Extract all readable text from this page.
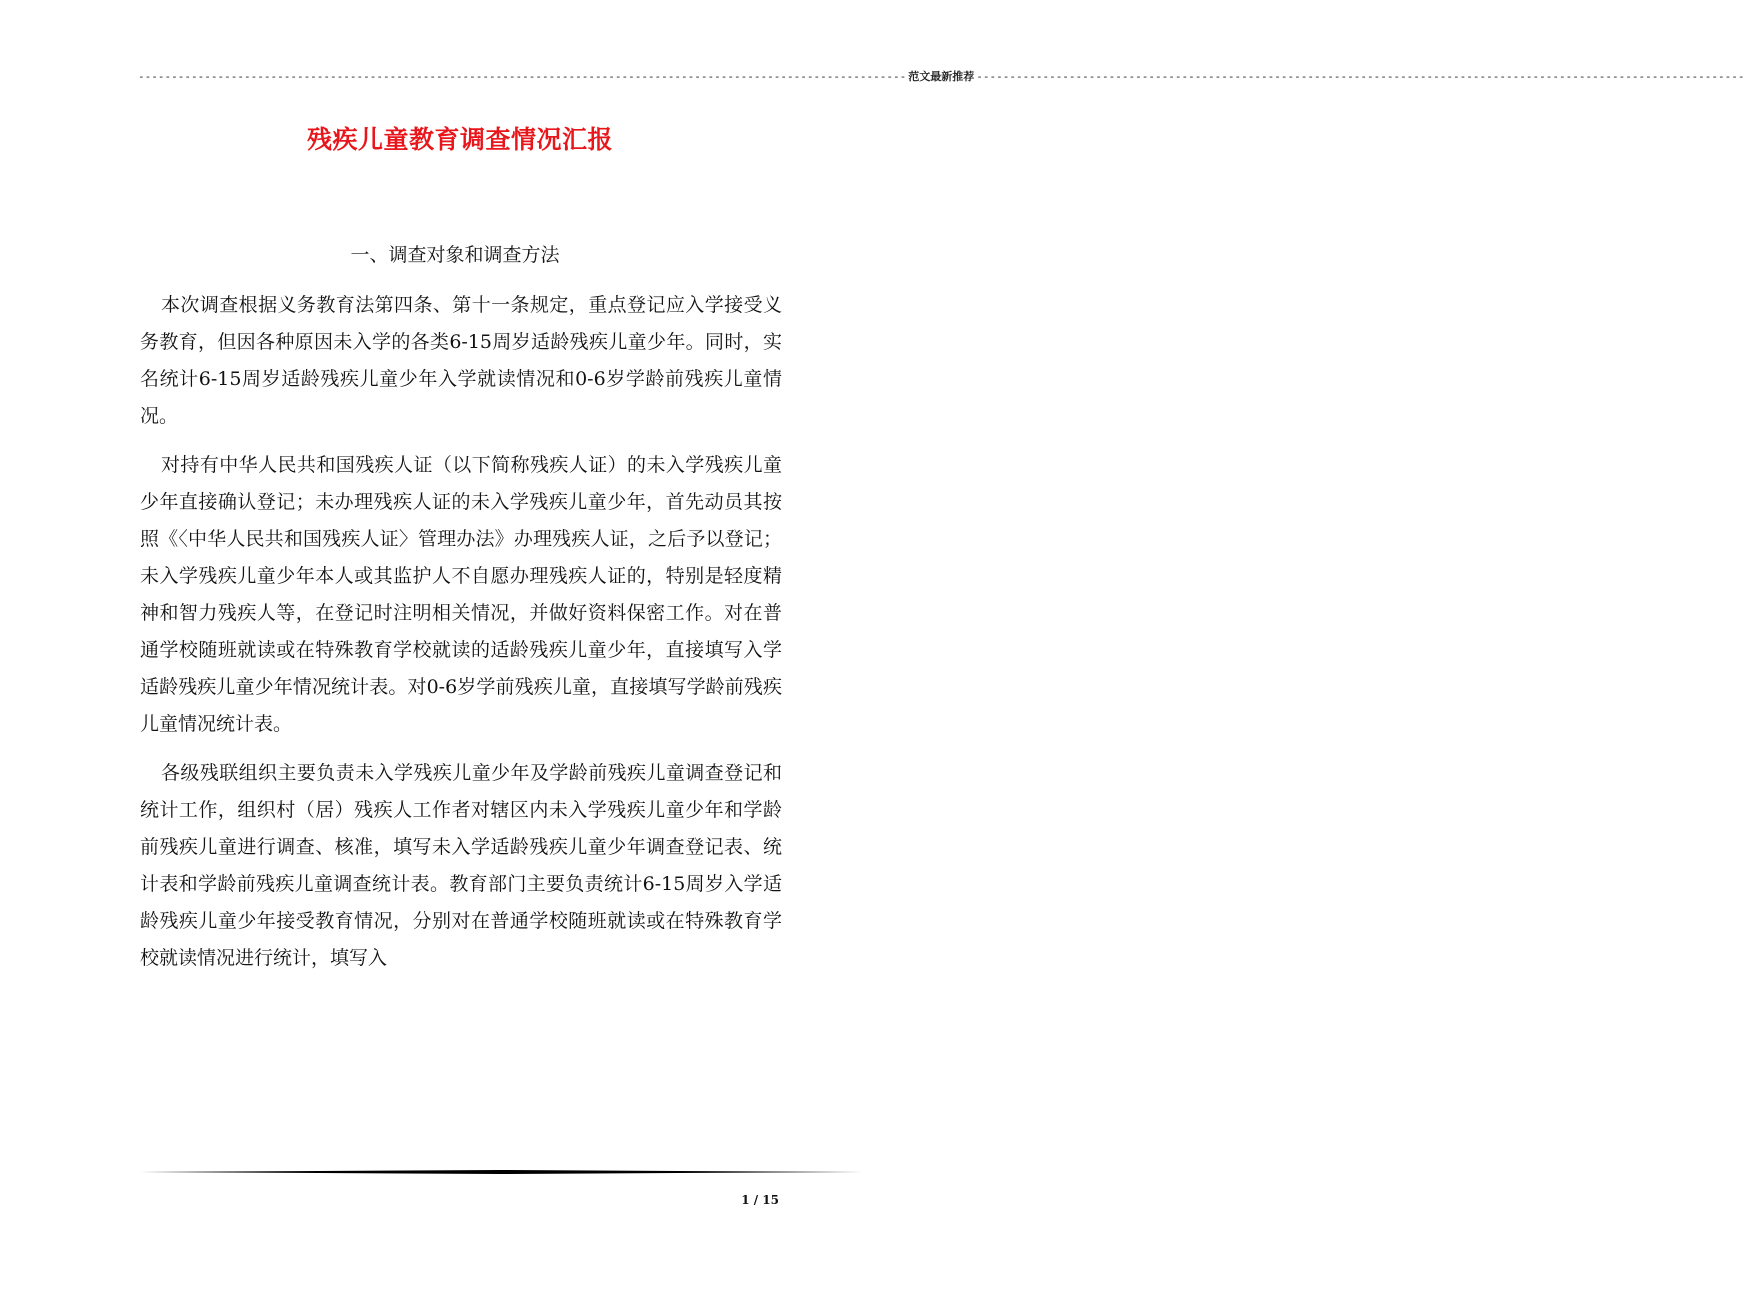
-------------------------------------------------------------------------------------------------------------------- 范文最新推荐 --------------------------------------------------------------------------------------------------------------------
残疾儿童教育调查情况汇报
一、调查对象和调查方法

本次调查根据义务教育法第四条、第十一条规定，重点登记应入学接受义务教育，但因各种原因未入学的各类6-15周岁适龄残疾儿童少年。同时，实名统计6-15周岁适龄残疾儿童少年入学就读情况和0-6岁学龄前残疾儿童情况。

对持有中华人民共和国残疾人证（以下简称残疾人证）的未入学残疾儿童少年直接确认登记；未办理残疾人证的未入学残疾儿童少年，首先动员其按照《〈中华人民共和国残疾人证〉管理办法》办理残疾人证，之后予以登记；未入学残疾儿童少年本人或其监护人不自愿办理残疾人证的，特别是轻度精神和智力残疾人等，在登记时注明相关情况，并做好资料保密工作。对在普通学校随班就读或在特殊教育学校就读的适龄残疾儿童少年，直接填写入学适龄残疾儿童少年情况统计表。对0-6岁学前残疾儿童，直接填写学龄前残疾儿童情况统计表。

各级残联组织主要负责未入学残疾儿童少年及学龄前残疾儿童调查登记和统计工作，组织村（居）残疾人工作者对辖区内未入学残疾儿童少年和学龄前残疾儿童进行调查、核准，填写未入学适龄残疾儿童少年调查登记表、统计表和学龄前残疾儿童调查统计表。教育部门主要负责统计6-15周岁入学适龄残疾儿童少年接受教育情况，分别对在普通学校随班就读或在特殊教育学校就读情况进行统计，填写入

1 / 15
